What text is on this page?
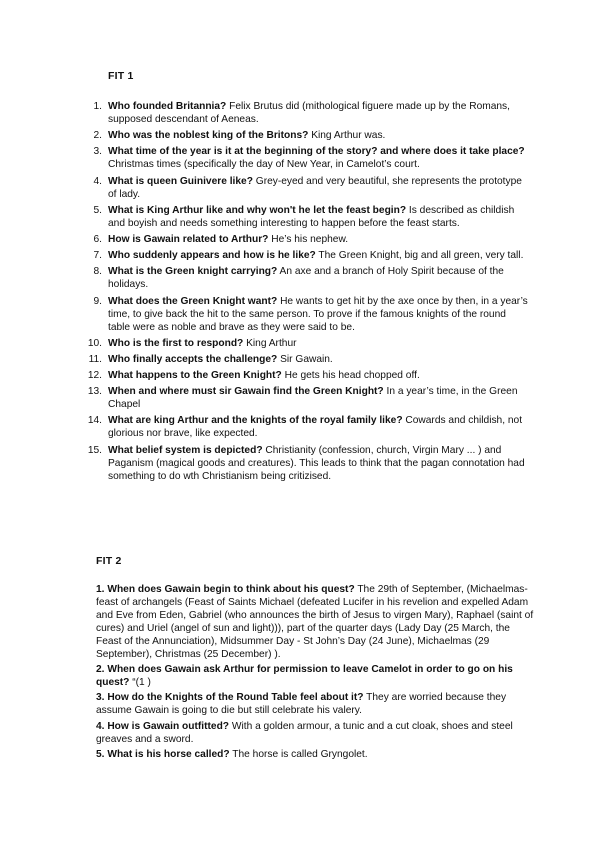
FIT 1
1. Who founded Britannia? Felix Brutus did (mithological figuere made up by the Romans, supposed descendant of Aeneas.
2. Who was the noblest king of the Britons? King Arthur was.
3. What time of the year is it at the beginning of the story? and where does it take place? Christmas times (specifically the day of New Year, in Camelot’s court.
4. What is queen Guinivere like? Grey-eyed and very beautiful, she represents the prototype of lady.
5. What is King Arthur like and why won't he let the feast begin? Is described as childish and boyish and needs something interesting to happen before the feast starts.
6. How is Gawain related to Arthur? He’s his nephew.
7. Who suddenly appears and how is he like? The Green Knight, big and all green, very tall.
8. What is the Green knight carrying? An axe and a branch of Holy Spirit because of the holidays.
9. What does the Green Knight want? He wants to get hit by the axe once by then, in a year’s time, to give back the hit to the same person. To prove if the famous knights of the round table were as noble and brave as they were said to be.
10. Who is the first to respond? King Arthur
11. Who finally accepts the challenge? Sir Gawain.
12. What happens to the Green Knight? He gets his head chopped off.
13. When and where must sir Gawain find the Green Knight? In a year’s time, in the Green Chapel
14. What are king Arthur and the knights of the royal family like? Cowards and childish, not glorious nor brave, like expected.
15. What belief system is depicted? Christianity (confession, church, Virgin Mary ... ) and Paganism (magical goods and creatures). This leads to think that the pagan connotation had something to do wth Christianism being critizised.
FIT 2
1. When does Gawain begin to think about his quest? The 29th of September, (Michaelmas- feast of archangels (Feast of Saints Michael (defeated Lucifer in his revelion and expelled Adam and Eve from Eden, Gabriel (who announces the birth of Jesus to virgen Mary), Raphael (saint of cures) and Uriel (angel of sun and light))), part of the quarter days (Lady Day (25 March, the Feast of the Annunciation), Midsummer Day - St John’s Day (24 June), Michaelmas (29 September), Christmas (25 December) ).
2. When does Gawain ask Arthur for permission to leave Camelot in order to go on his quest? “(1 )
3. How do the Knights of the Round Table feel about it? They are worried because they assume Gawain is going to die but still celebrate his valery.
4. How is Gawain outfitted? With a golden armour, a tunic and a cut cloak, shoes and steel greaves and a sword.
5. What is his horse called? The horse is called Gryngolet.
